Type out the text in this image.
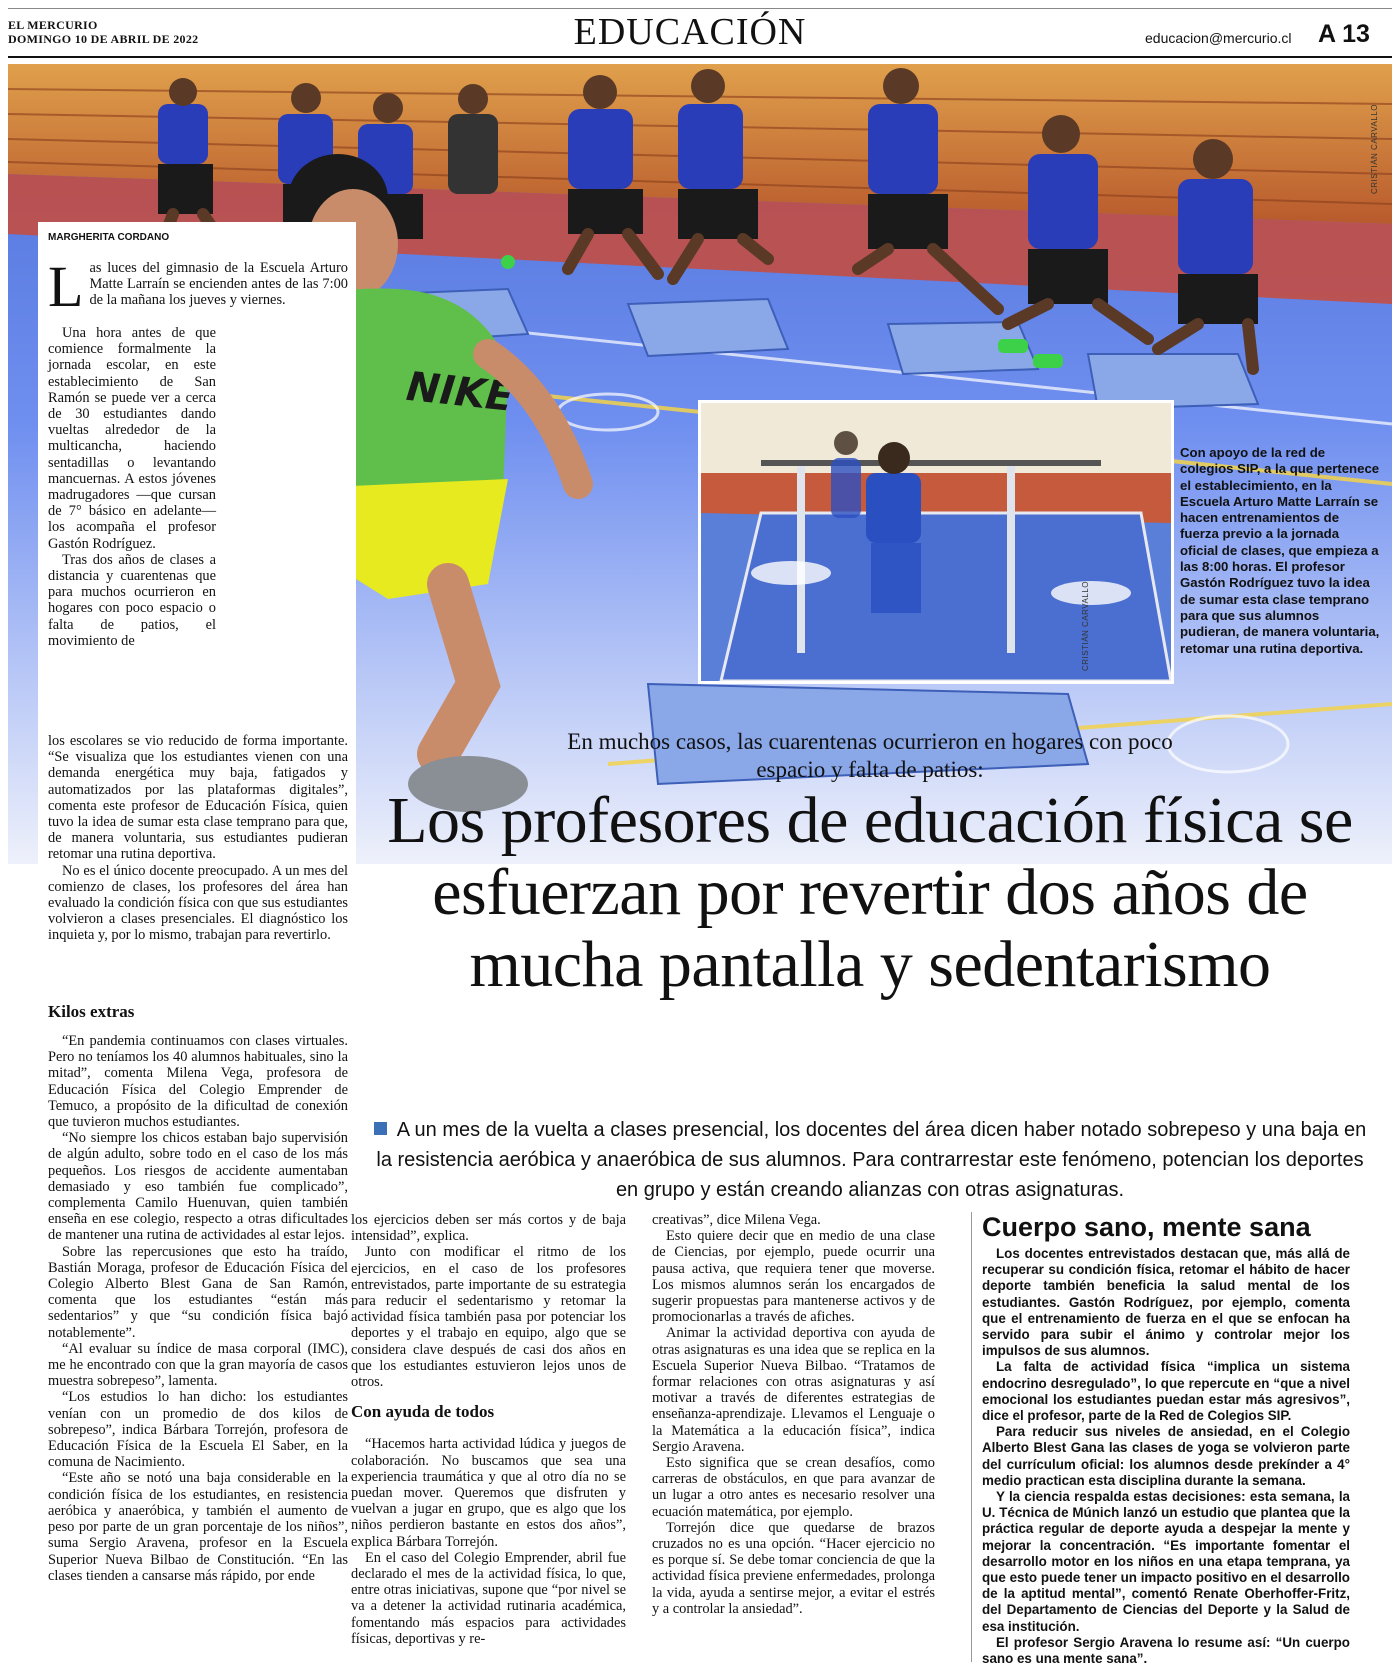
EL MERCURIO
DOMINGO 10 DE ABRIL DE 2022	EDUCACIÓN	educacion@mercurio.cl A 13
NIKE
CRISTIÁN CARVALLO
CRISTIÁN CARVALLO
Con apoyo de la red de colegios SIP, a la que pertenece el establecimiento, en la Escuela Arturo Matte Larraín se hacen entrenamientos de fuerza previo a la jornada oficial de clases, que empieza a las 8:00 horas. El profesor Gastón Rodríguez tuvo la idea de sumar esta clase temprano para que sus alumnos pudieran, de manera voluntaria, retomar una rutina deportiva.
MARGHERITA CORDANO

Las luces del gimnasio de la Escuela Arturo Matte Larraín se encienden antes de las 7:00 de la mañana los jueves y viernes.

Una hora antes de que comience formalmente la jornada escolar, en este establecimiento de San Ramón se puede ver a cerca de 30 estudiantes dando vueltas alrededor de la multicancha, haciendo sentadillas o levantando mancuernas. A estos jóvenes madrugadores —que cursan de 7° básico en adelante— los acompaña el profesor Gastón Rodríguez.

Tras dos años de clases a distancia y cuarentenas que para muchos ocurrieron en hogares con poco espacio o falta de patios, el movimiento de

los escolares se vio reducido de forma importante. “Se visualiza que los estudiantes vienen con una demanda energética muy baja, fatigados y automatizados por las plataformas digitales”, comenta este profesor de Educación Física, quien tuvo la idea de sumar esta clase temprano para que, de manera voluntaria, sus estudiantes pudieran retomar una rutina deportiva.

No es el único docente preocupado. A un mes del comienzo de clases, los profesores del área han evaluado la condición física con que sus estudiantes volvieron a clases presenciales. El diagnóstico los inquieta y, por lo mismo, trabajan para revertirlo.

Kilos extras

“En pandemia continuamos con clases virtuales. Pero no teníamos los 40 alumnos habituales, sino la mitad”, comenta Milena Vega, profesora de Educación Física del Colegio Emprender de Temuco, a propósito de la dificultad de conexión que tuvieron muchos estudiantes.

“No siempre los chicos estaban bajo supervisión de algún adulto, sobre todo en el caso de los más pequeños. Los riesgos de accidente aumentaban demasiado y eso también fue complicado”, complementa Camilo Huenuvan, quien también enseña en ese colegio, respecto a otras dificultades de mantener una rutina de actividades al estar lejos.

Sobre las repercusiones que esto ha traído, Bastián Moraga, profesor de Educación Física del Colegio Alberto Blest Gana de San Ramón, comenta que los estudiantes “están más sedentarios” y que “su condición física bajó notablemente”.

“Al evaluar su índice de masa corporal (IMC), me he encontrado con que la gran mayoría de casos muestra sobrepeso”, lamenta.

“Los estudios lo han dicho: los estudiantes venían con un promedio de dos kilos de sobrepeso”, indica Bárbara Torrejón, profesora de Educación Física de la Escuela El Saber, en la comuna de Nacimiento.

“Este año se notó una baja considerable en la condición física de los estudiantes, en resistencia aeróbica y anaeróbica, y también el aumento de peso por parte de un gran porcentaje de los niños”, suma Sergio Aravena, profesor en la Escuela Superior Nueva Bilbao de Constitución. “En las clases tienden a cansarse más rápido, por ende

En muchos casos, las cuarentenas ocurrieron en hogares con poco espacio y falta de patios:
Los profesores de educación física se esfuerzan por revertir dos años de mucha pantalla y sedentarismo
A un mes de la vuelta a clases presencial, los docentes del área dicen haber notado sobrepeso y una baja en la resistencia aeróbica y anaeróbica de sus alumnos. Para contrarrestar este fenómeno, potencian los deportes en grupo y están creando alianzas con otras asignaturas.

los ejercicios deben ser más cortos y de baja intensidad”, explica.

Junto con modificar el ritmo de los ejercicios, en el caso de los profesores entrevistados, parte importante de su estrategia para reducir el sedentarismo y retomar la actividad física también pasa por potenciar los deportes y el trabajo en equipo, algo que se considera clave después de casi dos años en que los estudiantes estuvieron lejos unos de otros.

Con ayuda de todos

“Hacemos harta actividad lúdica y juegos de colaboración. No buscamos que sea una experiencia traumática y que al otro día no se puedan mover. Queremos que disfruten y vuelvan a jugar en grupo, que es algo que los niños perdieron bastante en estos dos años”, explica Bárbara Torrejón.

En el caso del Colegio Emprender, abril fue declarado el mes de la actividad física, lo que, entre otras iniciativas, supone que “por nivel se va a detener la actividad rutinaria académica, fomentando más espacios para actividades físicas, deportivas y re-

creativas”, dice Milena Vega.

Esto quiere decir que en medio de una clase de Ciencias, por ejemplo, puede ocurrir una pausa activa, que requiera tener que moverse. Los mismos alumnos serán los encargados de sugerir propuestas para mantenerse activos y de promocionarlas a través de afiches.

Animar la actividad deportiva con ayuda de otras asignaturas es una idea que se replica en la Escuela Superior Nueva Bilbao. “Tratamos de formar relaciones con otras asignaturas y así motivar a través de diferentes estrategias de enseñanza-aprendizaje. Llevamos el Lenguaje o la Matemática a la educación física”, indica Sergio Aravena.

Esto significa que se crean desafíos, como carreras de obstáculos, en que para avanzar de un lugar a otro antes es necesario resolver una ecuación matemática, por ejemplo.

Torrejón dice que quedarse de brazos cruzados no es una opción. “Hacer ejercicio no es porque sí. Se debe tomar conciencia de que la actividad física previene enfermedades, prolonga la vida, ayuda a sentirse mejor, a evitar el estrés y a controlar la ansiedad”.

Cuerpo sano, mente sana

Los docentes entrevistados destacan que, más allá de recuperar su condición física, retomar el hábito de hacer deporte también beneficia la salud mental de los estudiantes. Gastón Rodríguez, por ejemplo, comenta que el entrenamiento de fuerza en el que se enfocan ha servido para subir el ánimo y controlar mejor los impulsos de sus alumnos.

La falta de actividad física “implica un sistema endocrino desregulado”, lo que repercute en “que a nivel emocional los estudiantes puedan estar más agresivos”, dice el profesor, parte de la Red de Colegios SIP.

Para reducir sus niveles de ansiedad, en el Colegio Alberto Blest Gana las clases de yoga se volvieron parte del currículum oficial: los alumnos desde prekínder a 4° medio practican esta disciplina durante la semana.

Y la ciencia respalda estas decisiones: esta semana, la U. Técnica de Múnich lanzó un estudio que plantea que la práctica regular de deporte ayuda a despejar la mente y mejorar la concentración. “Es importante fomentar el desarrollo motor en los niños en una etapa temprana, ya que esto puede tener un impacto positivo en el desarrollo de la aptitud mental”, comentó Renate Oberhoffer-Fritz, del Departamento de Ciencias del Deporte y la Salud de esa institución.

El profesor Sergio Aravena lo resume así: “Un cuerpo sano es una mente sana”.
